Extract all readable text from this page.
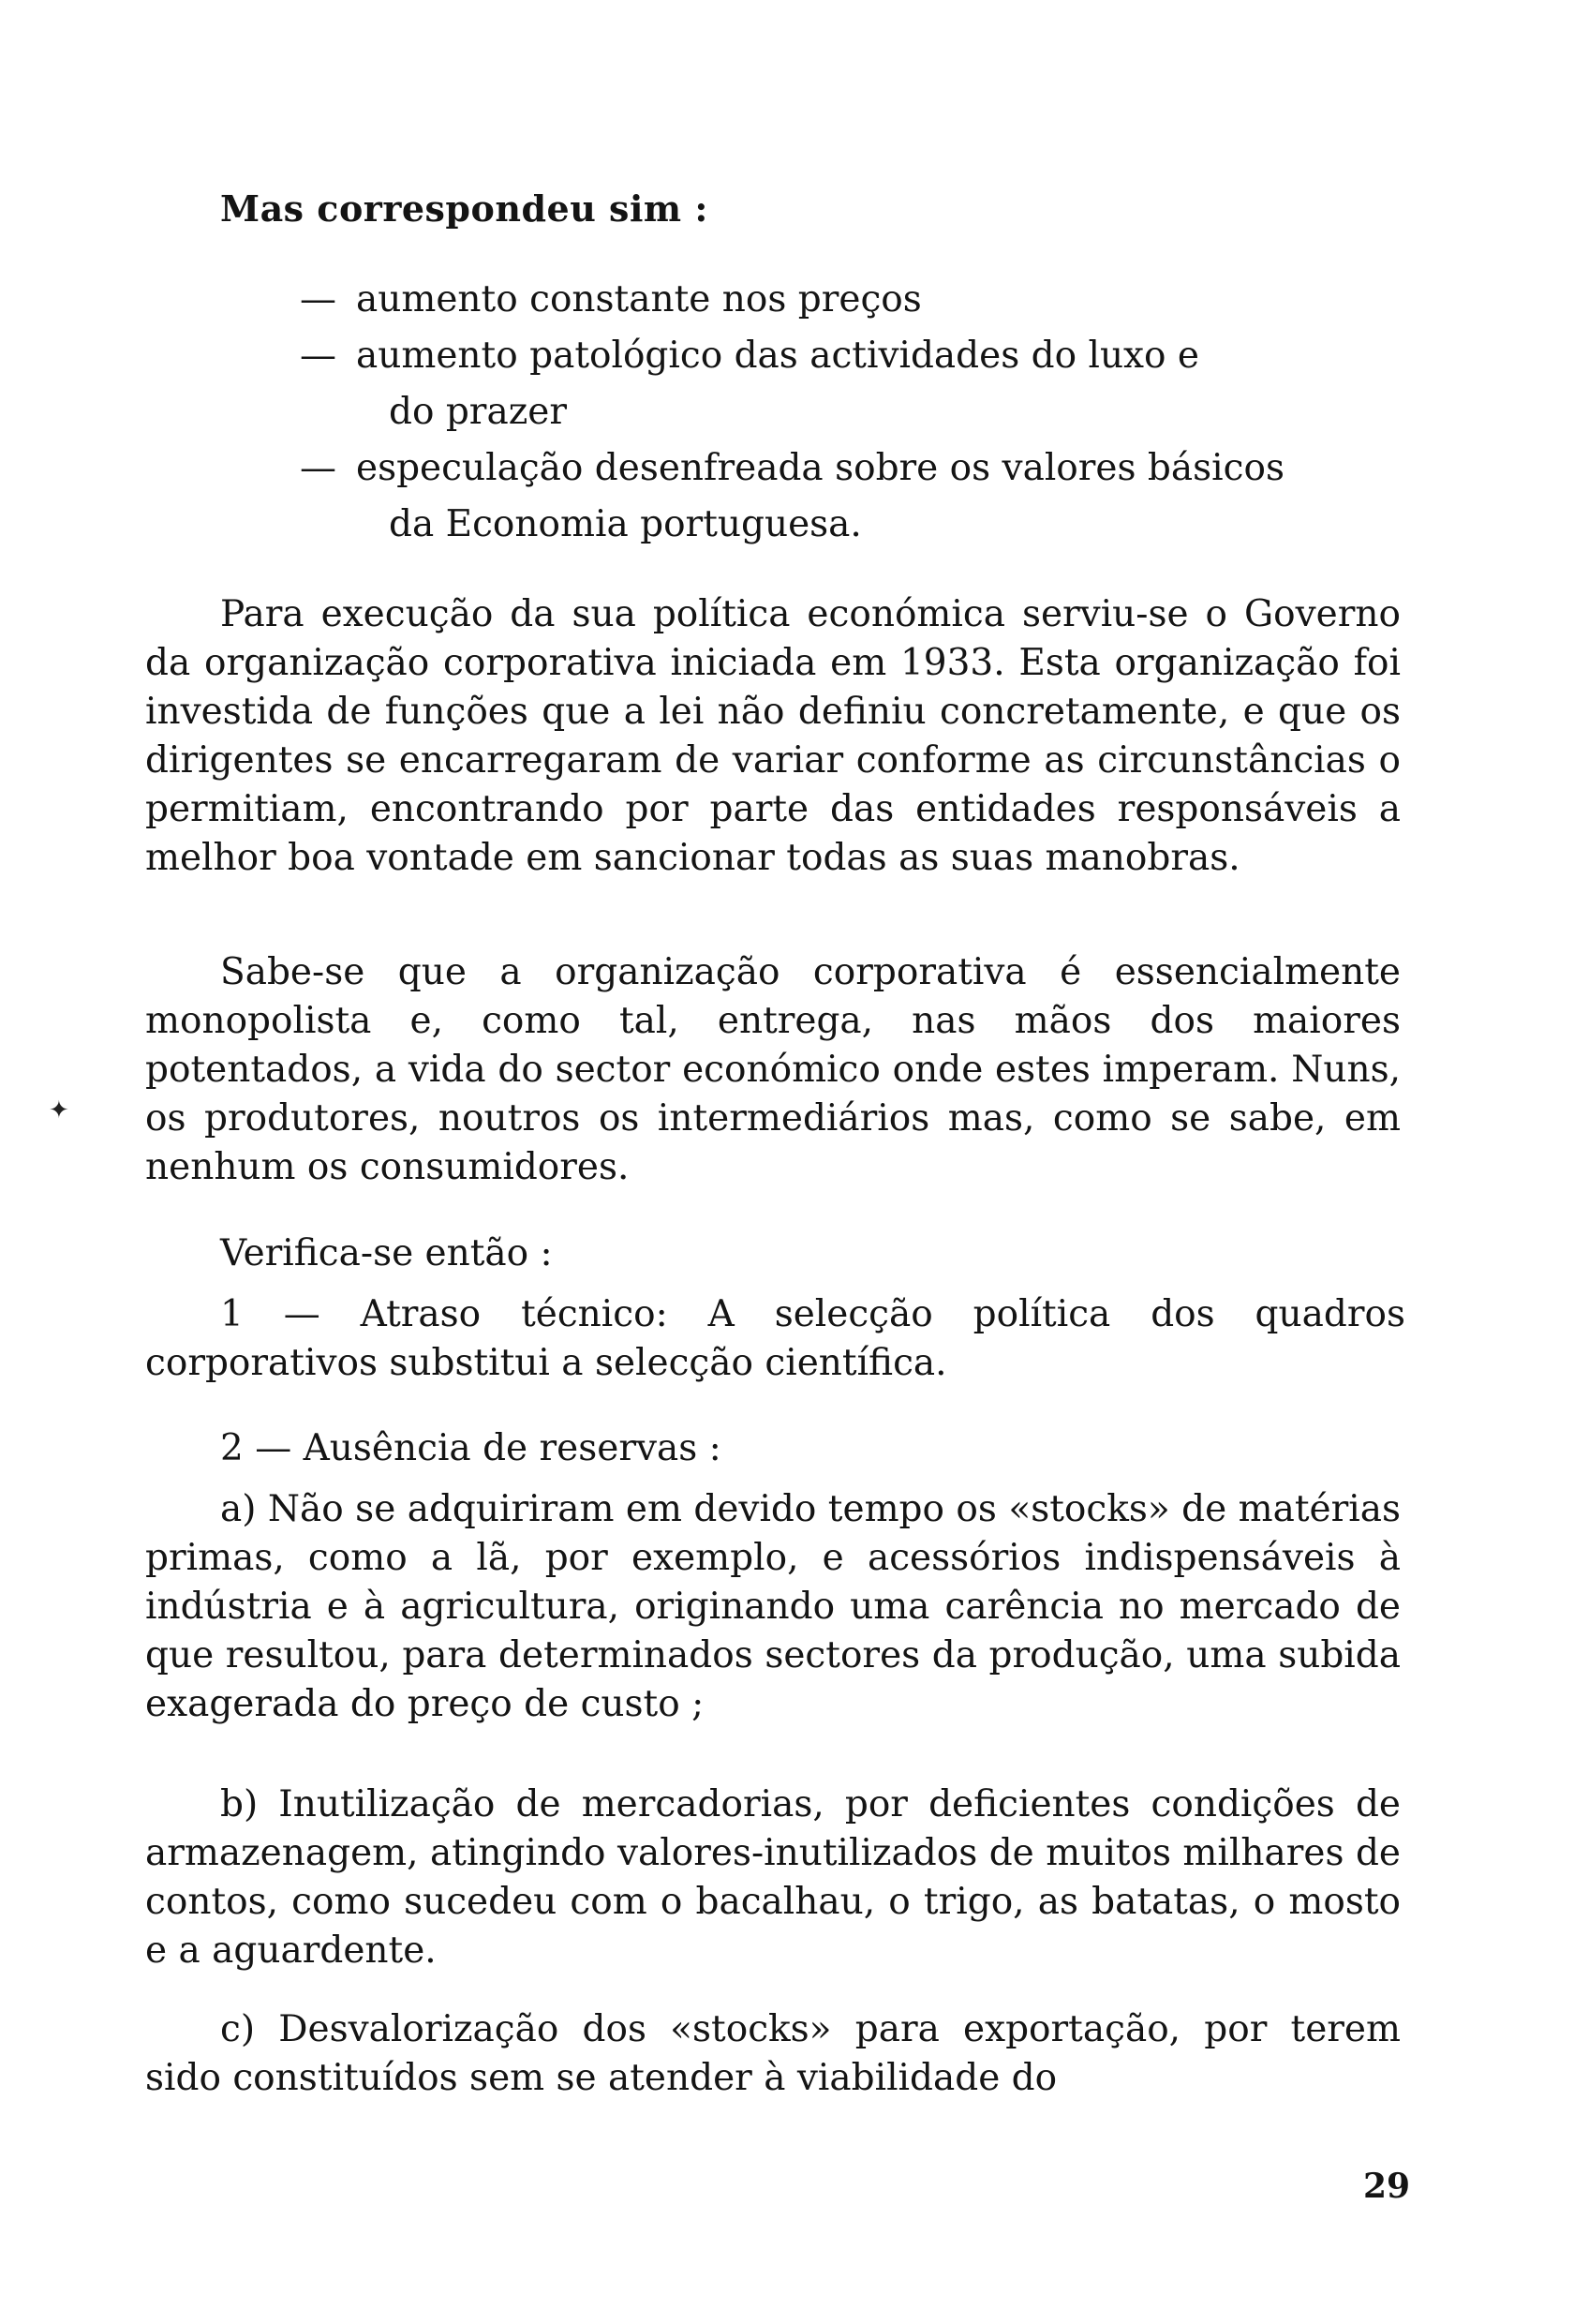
Mas correspondeu sim :
— aumento constante nos preços
— aumento patológico das actividades do luxo e
do prazer
— especulação desenfreada sobre os valores básicos
da Economia portuguesa.

Para execução da sua política económica serviu-se o Governo da organização corporativa iniciada em 1933. Esta organização foi investida de funções que a lei não definiu concretamente, e que os dirigentes se encarregaram de variar conforme as circunstâncias o permitiam, encontrando por parte das entidades responsáveis a melhor boa vontade em sancionar todas as suas manobras.

Sabe-se que a organização corporativa é essencialmente monopolista e, como tal, entrega, nas mãos dos maiores potentados, a vida do sector económico onde estes imperam. Nuns, os produtores, noutros os intermediários mas, como se sabe, em nenhum os consumidores.

Verifica-se então :

1 — Atraso técnico: A selecção política dos quadros corporativos substitui a selecção científica.

2 — Ausência de reservas :

a) Não se adquiriram em devido tempo os «stocks» de matérias primas, como a lã, por exemplo, e acessórios indispensáveis à indústria e à agricultura, originando uma carência no mercado de que resultou, para determinados sectores da produção, uma subida exagerada do preço de custo ;

b) Inutilização de mercadorias, por deficientes condições de armazenagem, atingindo valores-inutilizados de muitos milhares de contos, como sucedeu com o bacalhau, o trigo, as batatas, o mosto e a aguardente.

c) Desvalorização dos «stocks» para exportação, por terem sido constituídos sem se atender à viabilidade do

✦
29
